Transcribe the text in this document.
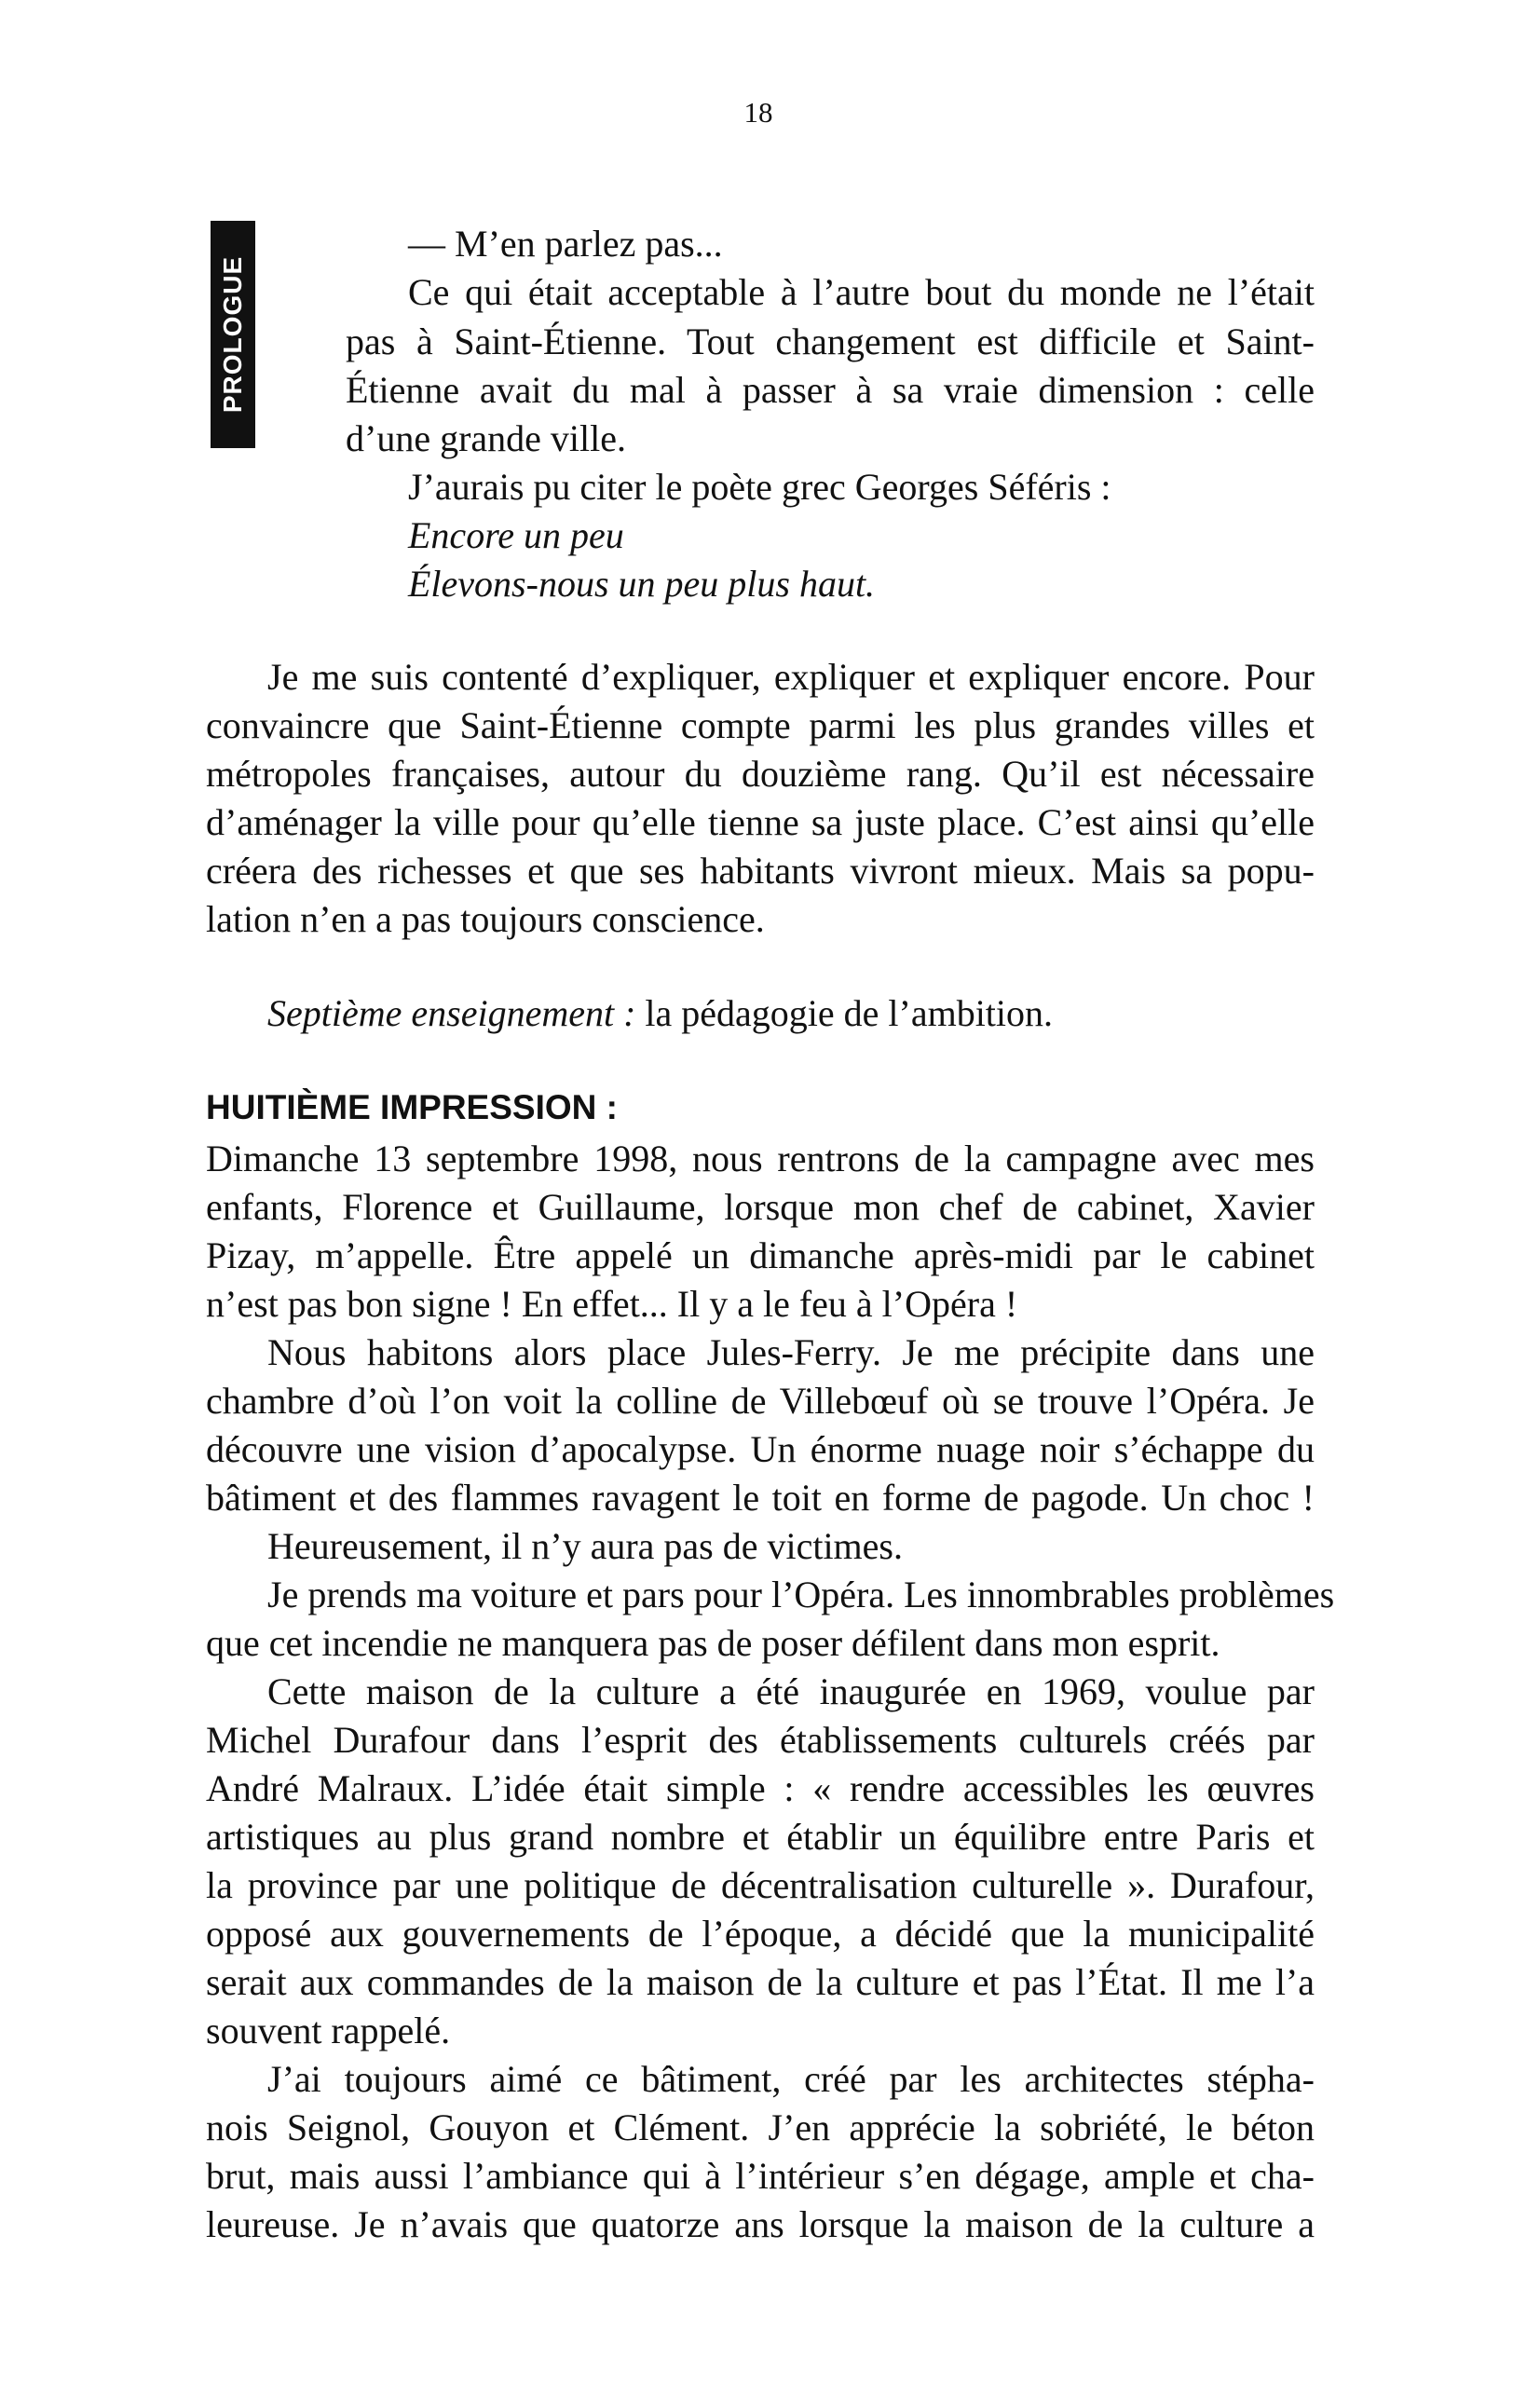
18
PROLOGUE
— M’en parlez pas...
Ce qui était acceptable à l’autre bout du monde ne l’était
pas à Saint-Étienne. Tout changement est difficile et Saint-
Étienne avait du mal à passer à sa vraie dimension : celle
d’une grande ville.
J’aurais pu citer le poète grec Georges Séféris :
Encore un peu
Élevons-nous un peu plus haut.
Je me suis contenté d’expliquer, expliquer et expliquer encore. Pour
convaincre que Saint-Étienne compte parmi les plus grandes villes et
métropoles françaises, autour du douzième rang. Qu’il est nécessaire
d’aménager la ville pour qu’elle tienne sa juste place. C’est ainsi qu’elle
créera des richesses et que ses habitants vivront mieux. Mais sa popu-
lation n’en a pas toujours conscience.
Septième enseignement : la pédagogie de l’ambition.
HUITIÈME IMPRESSION :
Dimanche 13 septembre 1998, nous rentrons de la campagne avec mes
enfants, Florence et Guillaume, lorsque mon chef de cabinet, Xavier
Pizay, m’appelle. Être appelé un dimanche après-midi par le cabinet
n’est pas bon signe ! En effet... Il y a le feu à l’Opéra !
Nous habitons alors place Jules-Ferry. Je me précipite dans une
chambre d’où l’on voit la colline de Villebœuf où se trouve l’Opéra. Je
découvre une vision d’apocalypse. Un énorme nuage noir s’échappe du
bâtiment et des flammes ravagent le toit en forme de pagode. Un choc !
Heureusement, il n’y aura pas de victimes.
Je prends ma voiture et pars pour l’Opéra. Les innombrables problèmes
que cet incendie ne manquera pas de poser défilent dans mon esprit.
Cette maison de la culture a été inaugurée en 1969, voulue par
Michel Durafour dans l’esprit des établissements culturels créés par
André Malraux. L’idée était simple : « rendre accessibles les œuvres
artistiques au plus grand nombre et établir un équilibre entre Paris et
la province par une politique de décentralisation culturelle ». Durafour,
opposé aux gouvernements de l’époque, a décidé que la municipalité
serait aux commandes de la maison de la culture et pas l’État. Il me l’a
souvent rappelé.
J’ai toujours aimé ce bâtiment, créé par les architectes stépha-
nois Seignol, Gouyon et Clément. J’en apprécie la sobriété, le béton
brut, mais aussi l’ambiance qui à l’intérieur s’en dégage, ample et cha-
leureuse. Je n’avais que quatorze ans lorsque la maison de la culture a
